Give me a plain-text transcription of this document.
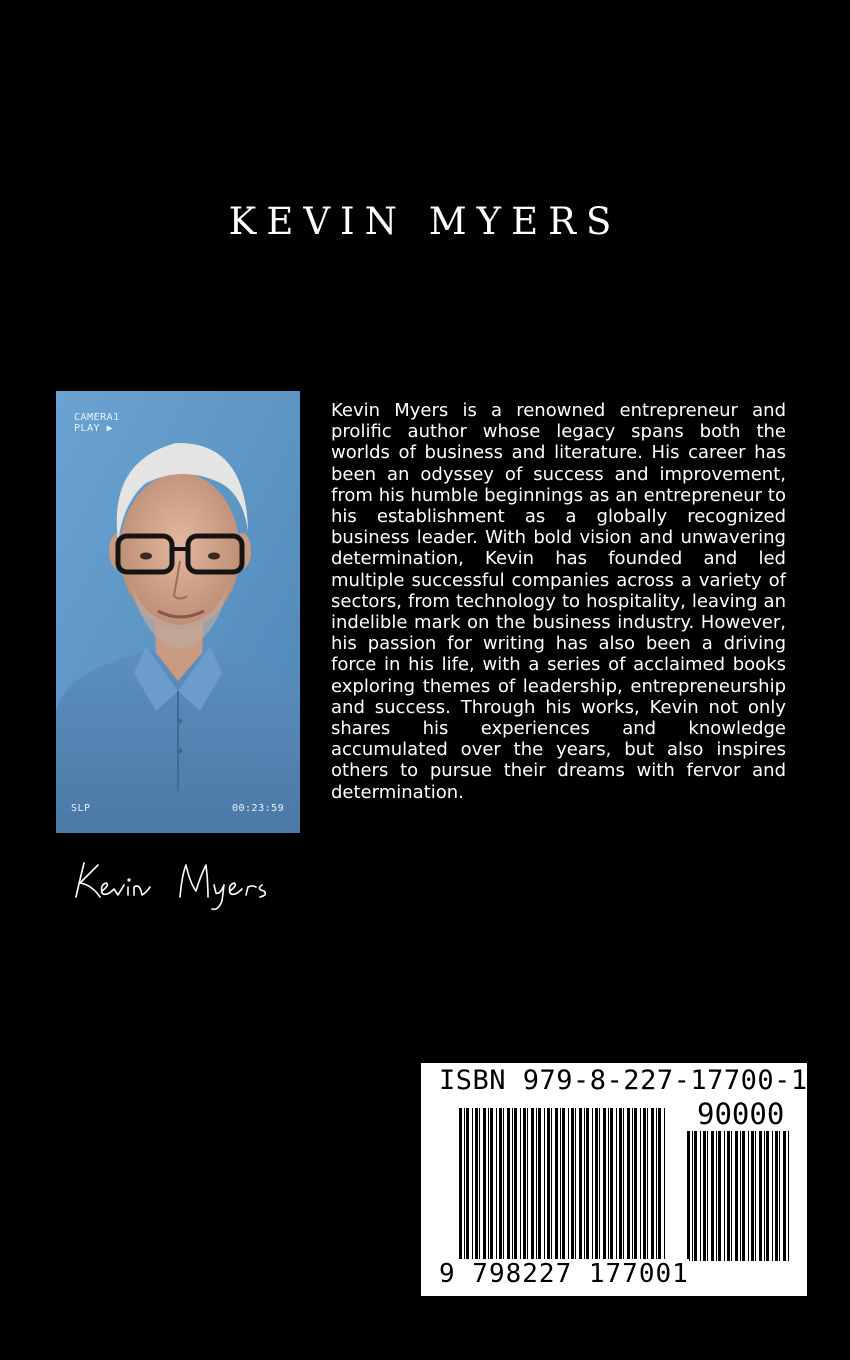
KEVIN MYERS
CAMERA1
PLAY ▶
SLP	00:23:59

Kevin Myers is a renowned entrepreneur and prolific author whose legacy spans both the worlds of business and literature. His career has been an odyssey of success and improvement, from his humble beginnings as an entrepreneur to his establishment as a globally recognized business leader. With bold vision and unwavering determination, Kevin has founded and led multiple successful companies across a variety of sectors, from technology to hospitality, leaving an indelible mark on the business industry. However, his passion for writing has also been a driving force in his life, with a series of acclaimed books exploring themes of leadership, entrepreneurship and success. Through his works, Kevin not only shares his experiences and knowledge accumulated over the years, but also inspires others to pursue their dreams with fervor and determination.

ISBN 979-8-227-17700-1
90000
9 798227 177001
